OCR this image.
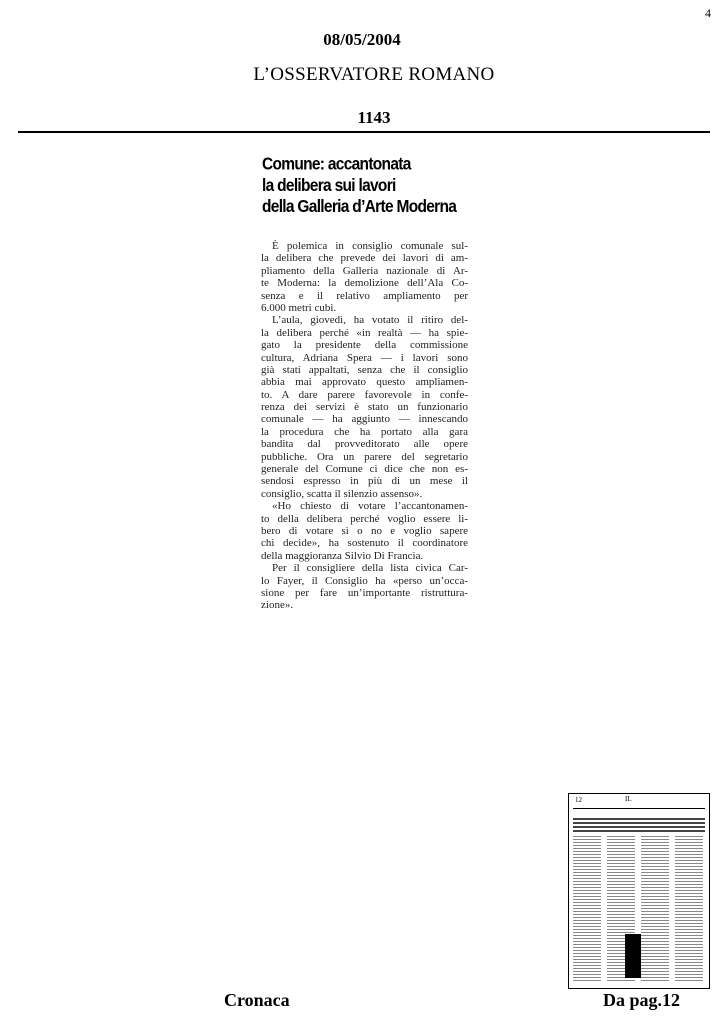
4
08/05/2004
L’OSSERVATORE ROMANO
1143
Comune: accantonata
la delibera sui lavori
della Galleria d’Arte Moderna
È polemica in consiglio comunale sul-
la delibera che prevede dei lavori di am-
pliamento della Galleria nazionale di Ar-
te Moderna: la demolizione dell’Ala Co-
senza e il relativo ampliamento per
6.000 metri cubi.
L’aula, giovedì, ha votato il ritiro del-
la delibera perché «in realtà — ha spie-
gato la presidente della commissione
cultura, Adriana Spera — i lavori sono
già stati appaltati, senza che il consiglio
abbia mai approvato questo ampliamen-
to. A dare parere favorevole in confe-
renza dei servizi è stato un funzionario
comunale — ha aggiunto — innescando
la procedura che ha portato alla gara
bandita dal provveditorato alle opere
pubbliche. Ora un parere del segretario
generale del Comune ci dice che non es-
sendosi espresso in più di un mese il
consiglio, scatta il silenzio assenso».
«Ho chiesto di votare l’accantonamen-
to della delibera perché voglio essere li-
bero di votare sì o no e voglio sapere
chi decide», ha sostenuto il coordinatore
della maggioranza Silvio Di Francia.
Per il consigliere della lista civica Car-
lo Fayer, il Consiglio ha «perso un’occa-
sione per fare un’importante ristruttura-
zione».
12	IL
Cronaca	Da pag.12
